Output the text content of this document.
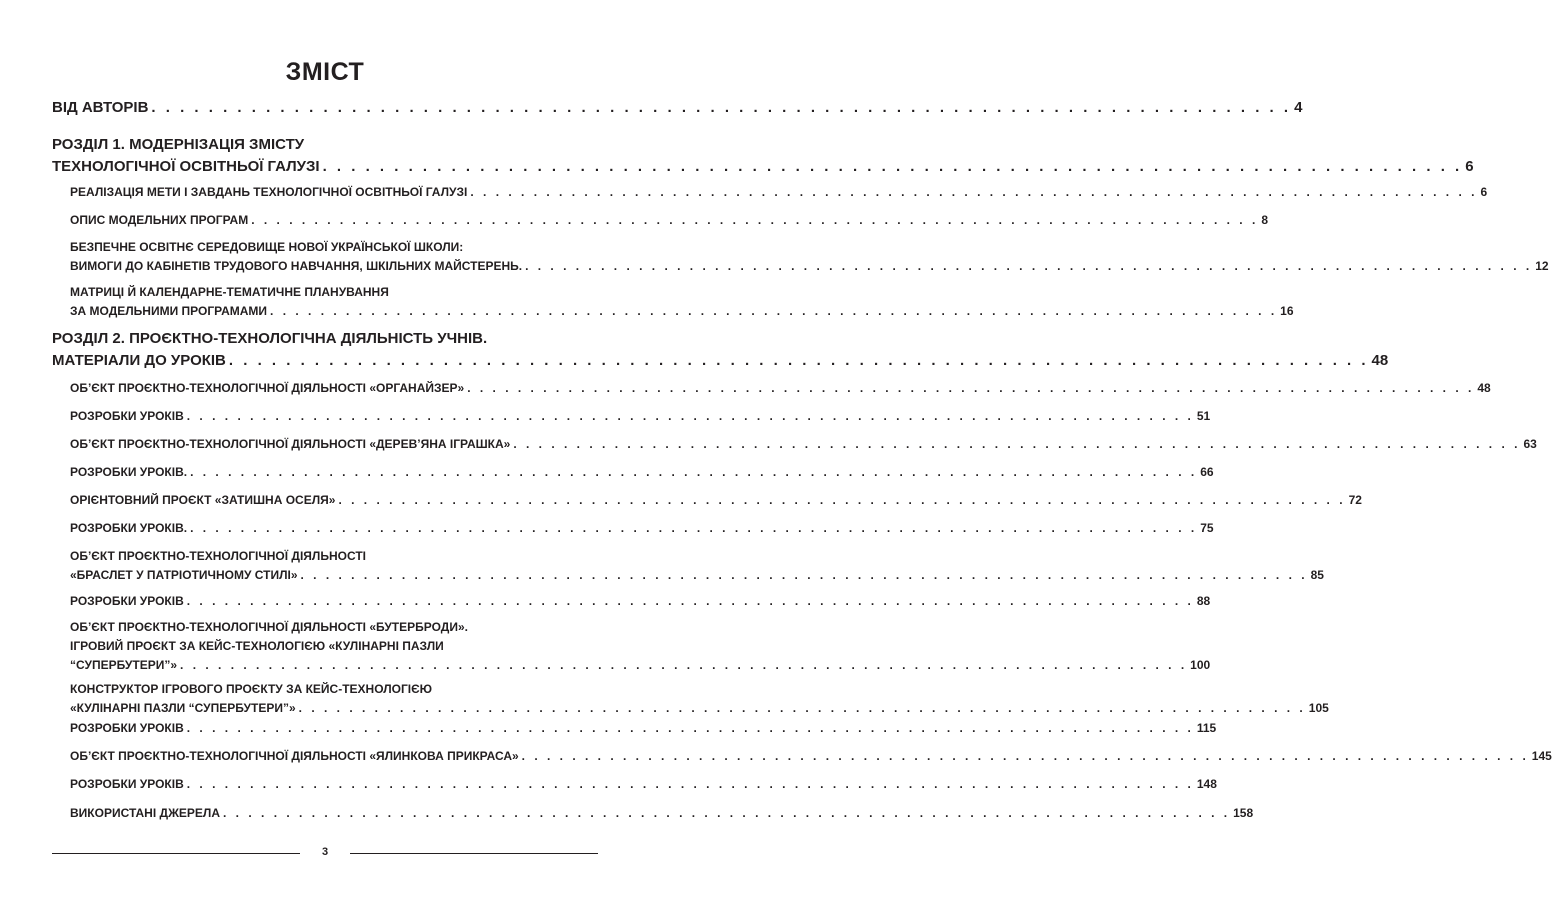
ЗМІСТ
ВІД АВТОРІВ . . . . . . . . . . . . . . . . . . . . . . . . . . . . . . . . . . . . . . . . . . . . . . . . . . . . . . . . . . . . . . . . . . . . . . . . . . . . . . . . 4
РОЗДІЛ 1. МОДЕРНІЗАЦІЯ ЗМІСТУ
ТЕХНОЛОГІЧНОЇ ОСВІТНЬОЇ ГАЛУЗІ . . . . . . . . . . . . . . . . . . . . . . . . . . . . . . . . . . . . . . . . . . . . . . . . . . . . . . . . . . . . . . . . . . . . . . . . . . . . . . . . 6
РЕАЛІЗАЦІЯ МЕТИ І ЗАВДАНЬ ТЕХНОЛОГІЧНОЇ ОСВІТНЬОЇ ГАЛУЗІ . . . . . . . . . . . . . . . . . . . . . . . . . . . . . . . . . . . . . . . . . . . . . . . . . . . . . . . . . . . . . . . . . . . . . . . . . . . . . . . . 6
ОПИС МОДЕЛЬНИХ ПРОГРАМ . . . . . . . . . . . . . . . . . . . . . . . . . . . . . . . . . . . . . . . . . . . . . . . . . . . . . . . . . . . . . . . . . . . . . . . . . . . . . . . . 8
БЕЗПЕЧНЕ ОСВІТНЄ СЕРЕДОВИЩЕ НОВОЇ УКРАЇНСЬКОЇ ШКОЛИ:
ВИМОГИ ДО КАБІНЕТІВ ТРУДОВОГО НАВЧАННЯ, ШКІЛЬНИХ МАЙСТЕРЕНЬ. . . . . . . . . . . . . . . . . . . . . . . . . . . . . . . . . . . . . . . . . . . . . . . . . . . . . . . . . . . . . . . . . . . . . . . . . . . . . . . . . 12
МАТРИЦІ Й КАЛЕНДАРНЕ-ТЕМАТИЧНЕ ПЛАНУВАННЯ
ЗА МОДЕЛЬНИМИ ПРОГРАМАМИ . . . . . . . . . . . . . . . . . . . . . . . . . . . . . . . . . . . . . . . . . . . . . . . . . . . . . . . . . . . . . . . . . . . . . . . . . . . . . . . . 16
РОЗДІЛ 2. ПРОЄКТНО-ТЕХНОЛОГІЧНА ДІЯЛЬНІСТЬ УЧНІВ.
МАТЕРІАЛИ ДО УРОКІВ . . . . . . . . . . . . . . . . . . . . . . . . . . . . . . . . . . . . . . . . . . . . . . . . . . . . . . . . . . . . . . . . . . . . . . . . . . . . . . . . 48
ОБ’ЄКТ ПРОЄКТНО-ТЕХНОЛОГІЧНОЇ ДІЯЛЬНОСТІ «ОРГАНАЙЗЕР» . . . . . . . . . . . . . . . . . . . . . . . . . . . . . . . . . . . . . . . . . . . . . . . . . . . . . . . . . . . . . . . . . . . . . . . . . . . . . . . . 48
РОЗРОБКИ УРОКІВ . . . . . . . . . . . . . . . . . . . . . . . . . . . . . . . . . . . . . . . . . . . . . . . . . . . . . . . . . . . . . . . . . . . . . . . . . . . . . . . . 51
ОБ’ЄКТ ПРОЄКТНО-ТЕХНОЛОГІЧНОЇ ДІЯЛЬНОСТІ «ДЕРЕВ’ЯНА ІГРАШКА» . . . . . . . . . . . . . . . . . . . . . . . . . . . . . . . . . . . . . . . . . . . . . . . . . . . . . . . . . . . . . . . . . . . . . . . . . . . . . . . . 63
РОЗРОБКИ УРОКІВ. . . . . . . . . . . . . . . . . . . . . . . . . . . . . . . . . . . . . . . . . . . . . . . . . . . . . . . . . . . . . . . . . . . . . . . . . . . . . . . . . 66
ОРІЄНТОВНИЙ ПРОЄКТ «ЗАТИШНА ОСЕЛЯ» . . . . . . . . . . . . . . . . . . . . . . . . . . . . . . . . . . . . . . . . . . . . . . . . . . . . . . . . . . . . . . . . . . . . . . . . . . . . . . . . 72
РОЗРОБКИ УРОКІВ. . . . . . . . . . . . . . . . . . . . . . . . . . . . . . . . . . . . . . . . . . . . . . . . . . . . . . . . . . . . . . . . . . . . . . . . . . . . . . . . . 75
ОБ’ЄКТ ПРОЄКТНО-ТЕХНОЛОГІЧНОЇ ДІЯЛЬНОСТІ
«БРАСЛЕТ У ПАТРІОТИЧНОМУ СТИЛІ» . . . . . . . . . . . . . . . . . . . . . . . . . . . . . . . . . . . . . . . . . . . . . . . . . . . . . . . . . . . . . . . . . . . . . . . . . . . . . . . . 85
РОЗРОБКИ УРОКІВ . . . . . . . . . . . . . . . . . . . . . . . . . . . . . . . . . . . . . . . . . . . . . . . . . . . . . . . . . . . . . . . . . . . . . . . . . . . . . . . . 88
ОБ’ЄКТ ПРОЄКТНО-ТЕХНОЛОГІЧНОЇ ДІЯЛЬНОСТІ «БУТЕРБРОДИ».
ІГРОВИЙ ПРОЄКТ ЗА КЕЙС-ТЕХНОЛОГІЄЮ «КУЛІНАРНІ ПАЗЛИ
“СУПЕРБУТЕРИ”» . . . . . . . . . . . . . . . . . . . . . . . . . . . . . . . . . . . . . . . . . . . . . . . . . . . . . . . . . . . . . . . . . . . . . . . . . . . . . . . . 100
КОНСТРУКТОР ІГРОВОГО ПРОЄКТУ ЗА КЕЙС-ТЕХНОЛОГІЄЮ
«КУЛІНАРНІ ПАЗЛИ “СУПЕРБУТЕРИ”» . . . . . . . . . . . . . . . . . . . . . . . . . . . . . . . . . . . . . . . . . . . . . . . . . . . . . . . . . . . . . . . . . . . . . . . . . . . . . . . . 105
РОЗРОБКИ УРОКІВ . . . . . . . . . . . . . . . . . . . . . . . . . . . . . . . . . . . . . . . . . . . . . . . . . . . . . . . . . . . . . . . . . . . . . . . . . . . . . . . . 115
ОБ’ЄКТ ПРОЄКТНО-ТЕХНОЛОГІЧНОЇ ДІЯЛЬНОСТІ «ЯЛИНКОВА ПРИКРАСА» . . . . . . . . . . . . . . . . . . . . . . . . . . . . . . . . . . . . . . . . . . . . . . . . . . . . . . . . . . . . . . . . . . . . . . . . . . . . . . . . 145
РОЗРОБКИ УРОКІВ . . . . . . . . . . . . . . . . . . . . . . . . . . . . . . . . . . . . . . . . . . . . . . . . . . . . . . . . . . . . . . . . . . . . . . . . . . . . . . . . 148
ВИКОРИСТАНІ ДЖЕРЕЛА . . . . . . . . . . . . . . . . . . . . . . . . . . . . . . . . . . . . . . . . . . . . . . . . . . . . . . . . . . . . . . . . . . . . . . . . . . . . . . . . 158
3
